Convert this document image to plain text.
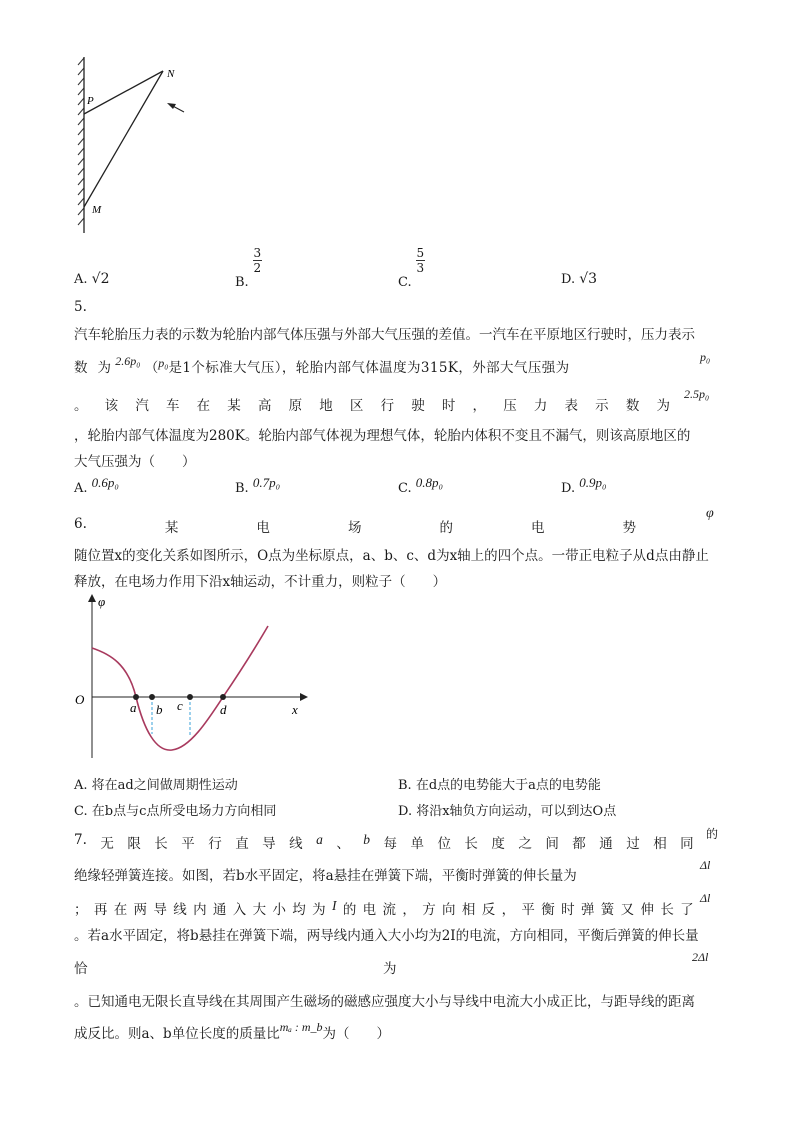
N
P
M
A. √2	B.
$\frac{3}{2}$
C.
$\frac{5}{3}$
D. √3
5.
汽车轮胎压力表的示数为轮胎内部气体压强与外部大气压强的差值。一汽车在平原地区行驶时，压力表示
数 为 2.6p₀ （p₀是1个标准大气压），轮胎内部气体温度为315K，外部大气压强为
p₀
。 该 汽 车 在 某 高 原 地 区 行 驶 时 ， 压 力 表 示 数 为
2.5p₀
，轮胎内部气体温度为280K。轮胎内部气体视为理想气体，轮胎内体积不变且不漏气，则该高原地区的
大气压强为（　　）
A. 0.6p₀	B. 0.7p₀	C. 0.8p₀	D. 0.9p₀
6.	某	电	场	的	电	势
φ
随位置x的变化关系如图所示，O点为坐标原点，a、b、c、d为x轴上的四个点。一带正电粒子从d点由静止
释放，在电场力作用下沿x轴运动，不计重力，则粒子（　　）
φ
O
x
a b c	d
A. 将在ad之间做周期性运动	B. 在d点的电势能大于a点的电势能
C. 在b点与c点所受电场力方向相同	D. 将沿x轴负方向运动，可以到达O点
7. 无 限 长 平 行 直 导 线 a 、 b 每 单 位 长 度 之 间 都 通 过 相 同
的
绝缘轻弹簧连接。如图，若b水平固定，将a悬挂在弹簧下端，平衡时弹簧的伸长量为
Δl
； 再 在 两 导 线 内 通 入 大 小 均 为 I 的 电 流 ， 方 向 相 反 ， 平 衡 时 弹 簧 又 伸 长 了
Δl
。若a水平固定，将b悬挂在弹簧下端，两导线内通入大小均为2I的电流，方向相同，平衡后弹簧的伸长量
恰	为
2Δl
。已知通电无限长直导线在其周围产生磁场的磁感应强度大小与导线中电流大小成正比，与距导线的距离
成反比。则a、b单位长度的质量比mₐ : m_b为（　　）
